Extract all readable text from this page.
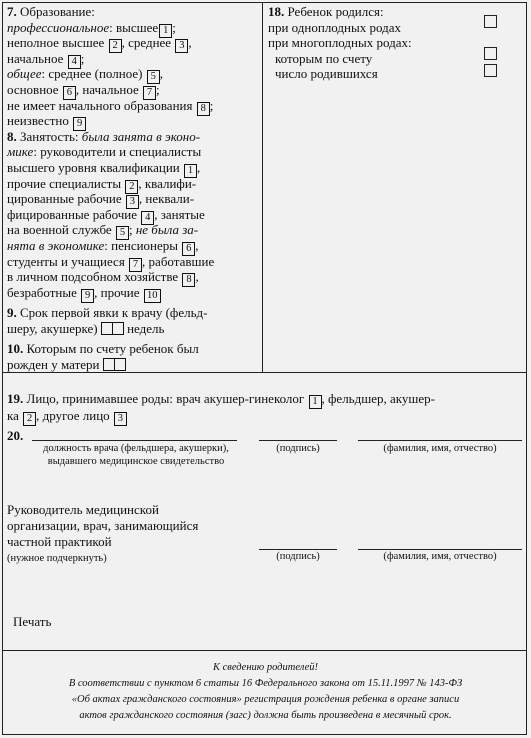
7. Образование:
профессиональное: высшее 1 ;
неполное высшее 2 , среднее 3 ,
начальное 4 ;
общее: среднее (полное) 5 ,
основное 6 , начальное 7 ;
не имеет начального образования 8 ;
неизвестно 9
8. Занятость: была занята в эконо-
мике: руководители и специалисты
высшего уровня квалификации 1 ,
прочие специалисты 2 , квалифи-
цированные рабочие 3 , неквали-
фицированные рабочие 4 , занятые
на военной службе 5 ; не была за-
нята в экономике: пенсионеры 6 ,
студенты и учащиеся 7 , работавшие
в личном подсобном хозяйстве 8 ,
безработные 9 , прочие 10
9. Срок первой явки к врачу (фельд-
шеру, акушерке) недель
10. Которым по счету ребенок был
рожден у матери
18. Ребенок родился:
при одноплодных родах
при многоплодных родах:
которым по счету
число родившихся
19. Лицо, принимавшее роды: врач акушер-гинеколог 1 , фельдшер, акушер-
ка 2 , другое лицо 3
20.
должность врача (фельдшера, акушерки), выдавшего медицинское свидетельство
(подпись)	(фамилия, имя, отчество)
Руководитель медицинской
организации, врач, занимающийся
частной практикой
(нужное подчеркнуть)	(подпись)	(фамилия, имя, отчество)
Печать
К сведению родителей!
В соответствии с пунктом 6 статьи 16 Федерального закона от 15.11.1997 № 143-ФЗ
«Об актах гражданского состояния» регистрация рождения ребенка в органе записи
актов гражданского состояния (загс) должна быть произведена в месячный срок.
